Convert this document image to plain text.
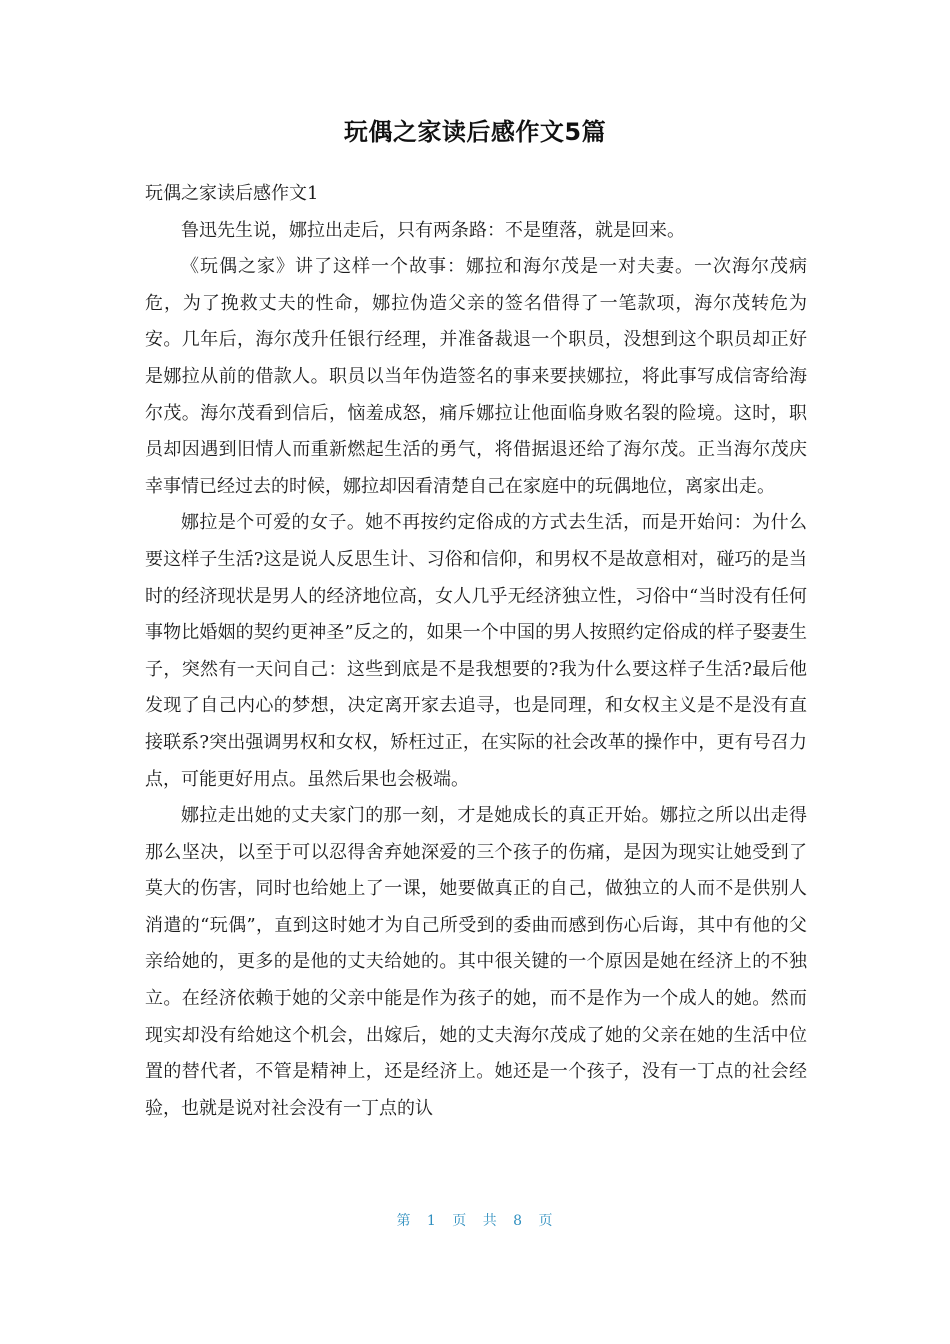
玩偶之家读后感作文5篇

玩偶之家读后感作文1

鲁迅先生说，娜拉出走后，只有两条路：不是堕落，就是回来。

《玩偶之家》讲了这样一个故事：娜拉和海尔茂是一对夫妻。一次海尔茂病危，为了挽救丈夫的性命，娜拉伪造父亲的签名借得了一笔款项，海尔茂转危为安。几年后，海尔茂升任银行经理，并准备裁退一个职员，没想到这个职员却正好是娜拉从前的借款人。职员以当年伪造签名的事来要挟娜拉，将此事写成信寄给海尔茂。海尔茂看到信后，恼羞成怒，痛斥娜拉让他面临身败名裂的险境。这时，职员却因遇到旧情人而重新燃起生活的勇气，将借据退还给了海尔茂。正当海尔茂庆幸事情已经过去的时候，娜拉却因看清楚自己在家庭中的玩偶地位，离家出走。

娜拉是个可爱的女子。她不再按约定俗成的方式去生活，而是开始问：为什么要这样子生活?这是说人反思生计、习俗和信仰，和男权不是故意相对，碰巧的是当时的经济现状是男人的经济地位高，女人几乎无经济独立性，习俗中“当时没有任何事物比婚姻的契约更神圣”反之的，如果一个中国的男人按照约定俗成的样子娶妻生子，突然有一天问自己：这些到底是不是我想要的?我为什么要这样子生活?最后他发现了自己内心的梦想，决定离开家去追寻，也是同理，和女权主义是不是没有直接联系?突出强调男权和女权，矫枉过正，在实际的社会改革的操作中，更有号召力点，可能更好用点。虽然后果也会极端。

娜拉走出她的丈夫家门的那一刻，才是她成长的真正开始。娜拉之所以出走得那么坚决，以至于可以忍得舍弃她深爱的三个孩子的伤痛，是因为现实让她受到了莫大的伤害，同时也给她上了一课，她要做真正的自己，做独立的人而不是供别人消遣的“玩偶”，直到这时她才为自己所受到的委曲而感到伤心后诲，其中有他的父亲给她的，更多的是他的丈夫给她的。其中很关键的一个原因是她在经济上的不独立。在经济依赖于她的父亲中能是作为孩子的她，而不是作为一个成人的她。然而现实却没有给她这个机会，出嫁后，她的丈夫海尔茂成了她的父亲在她的生活中位置的替代者，不管是精神上，还是经济上。她还是一个孩子，没有一丁点的社会经验，也就是说对社会没有一丁点的认

第 1 页 共 8 页
